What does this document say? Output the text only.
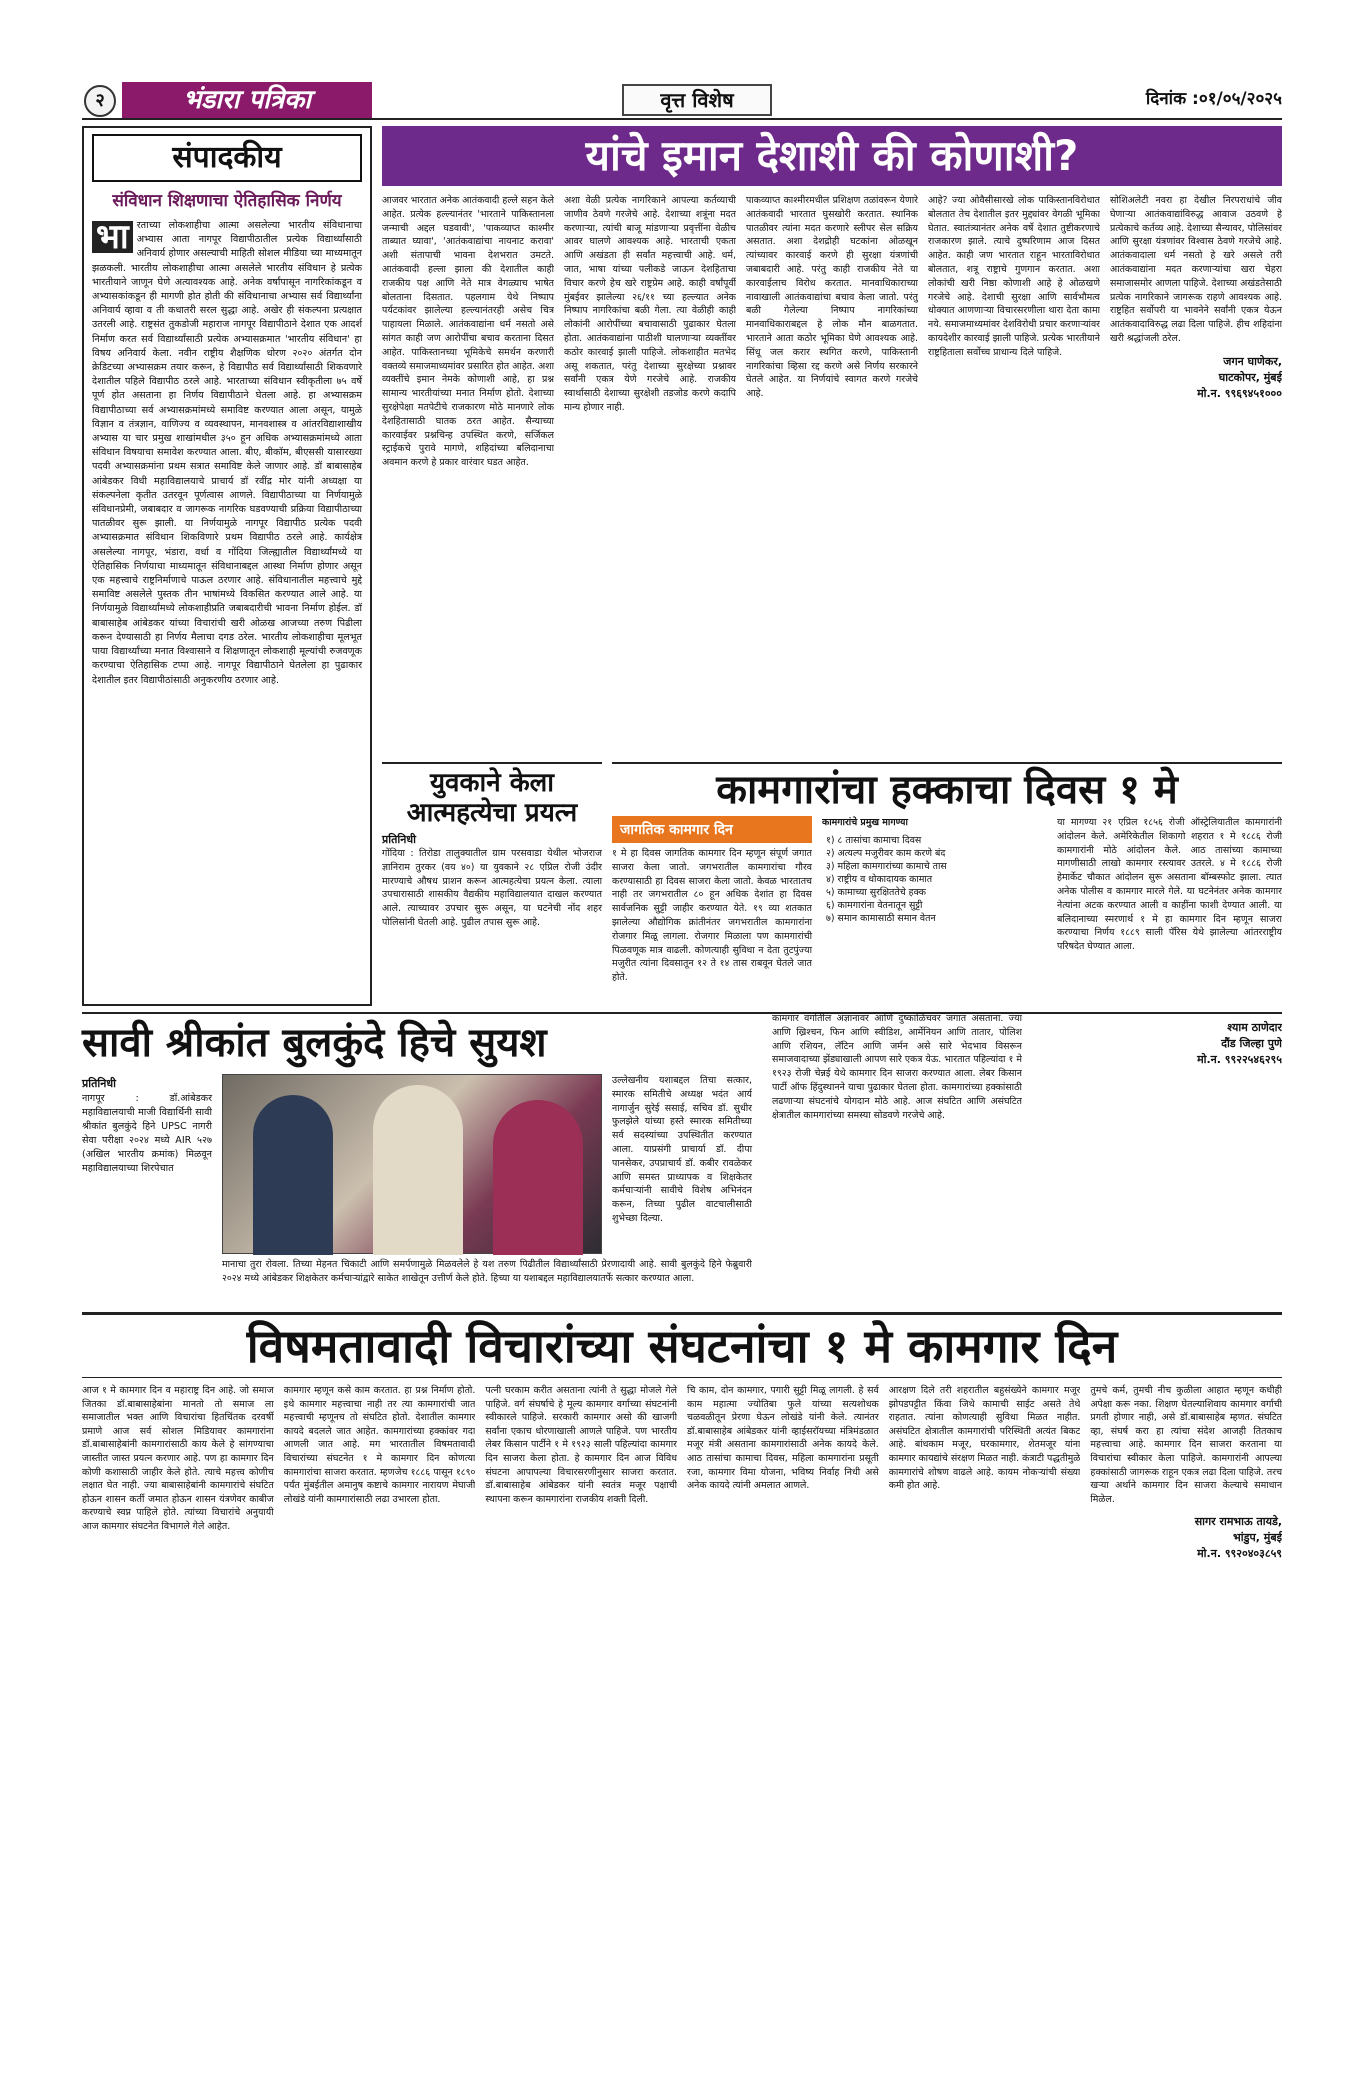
२	भंडारा पत्रिका	वृत्त विशेष	दिनांक :०१/०५/२०२५
संपादकीय
संविधान शिक्षणाचा ऐतिहासिक निर्णय
भा रताच्या लोकशाहीचा आत्मा असलेल्या भारतीय संविधानाचा अभ्यास आता नागपूर विद्यापीठातील प्रत्येक विद्यार्थ्यांसाठी अनिवार्य होणार असल्याची माहिती सोशल मीडिया च्या माध्यमातून झळकली. भारतीय लोकशाहीचा आत्मा असलेले भारतीय संविधान हे प्रत्येक भारतीयाने जाणून घेणे अत्यावश्यक आहे. अनेक वर्षांपासून नागरिकांकडून व अभ्यासकांकडून ही मागणी होत होती की संविधानाचा अभ्यास सर्व विद्यार्थ्यांना अनिवार्य व्हावा व ती कधातरी सरल सुद्धा आहे. अखेर ही संकल्पना प्रत्यक्षात उतरली आहे. राष्ट्रसंत तुकडोजी महाराज नागपूर विद्यापीठाने देशात एक आदर्श निर्माण करत सर्व विद्यार्थ्यांसाठी प्रत्येक अभ्यासक्रमात 'भारतीय संविधान' हा विषय अनिवार्य केला. नवीन राष्ट्रीय शैक्षणिक धोरण २०२० अंतर्गत दोन क्रेडिटच्या अभ्यासक्रम तयार करून, हे विद्यापीठ सर्व विद्यार्थ्यांसाठी शिकवणारे देशातील पहिले विद्यापीठ ठरले आहे. भारताच्या संविधान स्वीकृतीला ७५ वर्षे पूर्ण होत असताना हा निर्णय विद्यापीठाने घेतला आहे. हा अभ्यासक्रम विद्यापीठाच्या सर्व अभ्यासक्रमांमध्ये समाविष्ट करण्यात आला असून, यामुळे विज्ञान व तंत्रज्ञान, वाणिज्य व व्यवस्थापन, मानवशास्त्र व आंतरविद्याशाखीय अभ्यास या चार प्रमुख शाखांमधील ३५० हून अधिक अभ्यासक्रमांमध्ये आता संविधान विषयाचा समावेश करण्यात आला. बीए, बीकॉम, बीएससी यासारख्या पदवी अभ्यासक्रमांना प्रथम सत्रात समाविष्ट केले जाणार आहे. डॉ बाबासाहेब आंबेडकर विधी महाविद्यालयाचे प्राचार्य डॉ रवींद्र मोर यांनी अध्यक्षा या संकल्पनेला कृतीत उतरवून पूर्णत्वास आणले. विद्यापीठाच्या या निर्णयामुळे संविधानप्रेमी, जबाबदार व जागरूक नागरिक घडवण्याची प्रक्रिया विद्यापीठाच्या पातळीवर सुरू झाली. या निर्णयामुळे नागपूर विद्यापीठ प्रत्येक पदवी अभ्यासक्रमात संविधान शिकविणारे प्रथम विद्यापीठ ठरले आहे. कार्यक्षेत्र असलेल्या नागपूर, भंडारा, वर्धा व गोंदिया जिल्ह्यातील विद्यार्थ्यांमध्ये या ऐतिहासिक निर्णयाचा माध्यमातून संविधानाबद्दल आस्था निर्माण होणार असून एक महत्त्वाचे राष्ट्रनिर्माणाचे पाऊल ठरणार आहे. संविधानातील महत्त्वाचे मुद्दे समाविष्ट असलेले पुस्तक तीन भाषांमध्ये विकसित करण्यात आले आहे. या निर्णयामुळे विद्यार्थ्यांमध्ये लोकशाहीप्रति जबाबदारीची भावना निर्माण होईल. डॉ बाबासाहेब आंबेडकर यांच्या विचारांची खरी ओळख आजच्या तरुण पिढीला करून देण्यासाठी हा निर्णय मैलाचा दगड ठरेल. भारतीय लोकशाहीचा मूलभूत पाया विद्यार्थ्यांच्या मनात विश्वासाने व शिक्षणातून लोकशाही मूल्यांची रुजवणूक करण्याचा ऐतिहासिक टप्पा आहे. नागपूर विद्यापीठाने घेतलेला हा पुढाकार देशातील इतर विद्यापीठांसाठी अनुकरणीय ठरणार आहे.
यांचे इमान देशाशी की कोणाशी?
आजवर भारतात अनेक आतंकवादी हल्ले सहन केले आहेत. प्रत्येक हल्ल्यानंतर 'भारताने पाकिस्तानला जन्माची अद्दल घडवावी', 'पाकव्याप्त काश्मीर ताब्यात घ्यावा', 'आतंकवाद्यांचा नायनाट करावा' अशी संतापाची भावना देशभरात उमटते. आतंकवादी हल्ला झाला की देशातील काही राजकीय पक्ष आणि नेते मात्र वेगळ्याच भाषेत बोलताना दिसतात. पहलगाम येथे निष्पाप पर्यटकांवर झालेल्या हल्ल्यानंतरही असेच चित्र पाहायला मिळाले. आतंकवाद्यांना धर्म नसतो असे सांगत काही जण आरोपींचा बचाव करताना दिसत आहेत. पाकिस्तानच्या भूमिकेचे समर्थन करणारी वक्तव्ये समाजमाध्यमांवर प्रसारित होत आहेत. अशा व्यक्तींचे इमान नेमके कोणाशी आहे, हा प्रश्न सामान्य भारतीयांच्या मनात निर्माण होतो. देशाच्या सुरक्षेपेक्षा मतपेटीचे राजकारण मोठे मानणारे लोक देशहितासाठी घातक ठरत आहेत. सैन्याच्या कारवाईवर प्रश्नचिन्ह उपस्थित करणे, सर्जिकल स्ट्राईकचे पुरावे मागणे, शहिदांच्या बलिदानाचा अवमान करणे हे प्रकार वारंवार घडत आहेत.
अशा वेळी प्रत्येक नागरिकाने आपल्या कर्तव्याची जाणीव ठेवणे गरजेचे आहे. देशाच्या शत्रूंना मदत करणाऱ्या, त्यांची बाजू मांडणाऱ्या प्रवृत्तींना वेळीच आवर घालणे आवश्यक आहे. भारताची एकता आणि अखंडता ही सर्वांत महत्त्वाची आहे. धर्म, जात, भाषा यांच्या पलीकडे जाऊन देशहिताचा विचार करणे हेच खरे राष्ट्रप्रेम आहे. काही वर्षांपूर्वी मुंबईवर झालेल्या २६/११ च्या हल्ल्यात अनेक निष्पाप नागरिकांचा बळी गेला. त्या वेळीही काही लोकांनी आरोपींच्या बचावासाठी पुढाकार घेतला होता. आतंकवाद्यांना पाठीशी घालणाऱ्या व्यक्तींवर कठोर कारवाई झाली पाहिजे. लोकशाहीत मतभेद असू शकतात, परंतु देशाच्या सुरक्षेच्या प्रश्नावर सर्वांनी एकत्र येणे गरजेचे आहे. राजकीय स्वार्थासाठी देशाच्या सुरक्षेशी तडजोड करणे कदापि मान्य होणार नाही.
पाकव्याप्त काश्मीरमधील प्रशिक्षण तळांवरून येणारे आतंकवादी भारतात घुसखोरी करतात. स्थानिक पातळीवर त्यांना मदत करणारे स्लीपर सेल सक्रिय असतात. अशा देशद्रोही घटकांना ओळखून त्यांच्यावर कारवाई करणे ही सुरक्षा यंत्रणांची जबाबदारी आहे. परंतु काही राजकीय नेते या कारवाईलाच विरोध करतात. मानवाधिकाराच्या नावाखाली आतंकवाद्यांचा बचाव केला जातो. परंतु बळी गेलेल्या निष्पाप नागरिकांच्या मानवाधिकाराबद्दल हे लोक मौन बाळगतात. भारताने आता कठोर भूमिका घेणे आवश्यक आहे. सिंधू जल करार स्थगित करणे, पाकिस्तानी नागरिकांचा व्हिसा रद्द करणे असे निर्णय सरकारने घेतले आहेत. या निर्णयांचे स्वागत करणे गरजेचे आहे.
आहे? ज्या ओवैसीसारखे लोक पाकिस्तानविरोधात बोलतात तेच देशातील इतर मुद्द्यांवर वेगळी भूमिका घेतात. स्वातंत्र्यानंतर अनेक वर्षे देशात तुष्टीकरणाचे राजकारण झाले. त्याचे दुष्परिणाम आज दिसत आहेत. काही जण भारतात राहून भारताविरोधात बोलतात, शत्रू राष्ट्राचे गुणगान करतात. अशा लोकांची खरी निष्ठा कोणाशी आहे हे ओळखणे गरजेचे आहे. देशाची सुरक्षा आणि सार्वभौमत्व धोक्यात आणणाऱ्या विचारसरणीला थारा देता कामा नये. समाजमाध्यमांवर देशविरोधी प्रचार करणाऱ्यांवर कायदेशीर कारवाई झाली पाहिजे. प्रत्येक भारतीयाने राष्ट्रहिताला सर्वोच्च प्राधान्य दिले पाहिजे.
सोशिअलेटी नवरा हा देखील निरपराधांचे जीव घेणाऱ्या आतंकवाद्यांविरुद्ध आवाज उठवणे हे प्रत्येकाचे कर्तव्य आहे. देशाच्या सैन्यावर, पोलिसांवर आणि सुरक्षा यंत्रणांवर विश्वास ठेवणे गरजेचे आहे. आतंकवादाला धर्म नसतो हे खरे असले तरी आतंकवाद्यांना मदत करणाऱ्यांचा खरा चेहरा समाजासमोर आणला पाहिजे. देशाच्या अखंडतेसाठी प्रत्येक नागरिकाने जागरूक राहणे आवश्यक आहे. राष्ट्रहित सर्वोपरी या भावनेने सर्वांनी एकत्र येऊन आतंकवादाविरुद्ध लढा दिला पाहिजे. हीच शहिदांना खरी श्रद्धांजली ठरेल.
जगन घाणेकर,
घाटकोपर, मुंबई
मो.न. ९९६९४५१०००
युवकाने केला आत्महत्येचा प्रयत्न
प्रतिनिधी
गोंदिया : तिरोडा तालुक्यातील ग्राम परसवाडा येथील भोजराज ज्ञानिराम तुरकर (वय ४०) या युवकाने २८ एप्रिल रोजी उंदीर मारण्याचे औषध प्राशन करून आत्महत्येचा प्रयत्न केला. त्याला उपचारासाठी शासकीय वैद्यकीय महाविद्यालयात दाखल करण्यात आले. त्याच्यावर उपचार सुरू असून, या घटनेची नोंद शहर पोलिसांनी घेतली आहे. पुढील तपास सुरू आहे.
कामगारांचा हक्काचा दिवस १ मे
जागतिक कामगार दिन
१ मे हा दिवस जागतिक कामगार दिन म्हणून संपूर्ण जगात साजरा केला जातो. जगभरातील कामगारांचा गौरव करण्यासाठी हा दिवस साजरा केला जातो. केवळ भारतातच नाही तर जगभरातील ८० हून अधिक देशांत हा दिवस सार्वजनिक सुट्टी जाहीर करण्यात येते. १९ व्या शतकात झालेल्या औद्योगिक क्रांतीनंतर जगभरातील कामगारांना रोजगार मिळू लागला. रोजगार मिळाला पण कामगारांची पिळवणूक मात्र वाढली. कोणत्याही सुविधा न देता तुटपुंज्या मजुरीत त्यांना दिवसातून १२ ते १४ तास राबवून घेतले जात होते.
कामगारांचे प्रमुख मागण्या
१) ८ तासांचा कामाचा दिवस
२) अत्यल्प मजुरीवर काम करणे बंद
३) महिला कामगारांच्या कामाचे तास
४) राष्ट्रीय व धोकादायक कामात
५) कामाच्या सुरक्षिततेचे हक्क
६) कामगारांना वेतनातून सुट्टी
७) समान कामासाठी समान वेतन
या मागण्या २१ एप्रिल १८५६ रोजी ऑस्ट्रेलियातील कामगारांनी आंदोलन केले. अमेरिकेतील शिकागो शहरात १ मे १८८६ रोजी कामगारांनी मोठे आंदोलन केले. आठ तासांच्या कामाच्या मागणीसाठी लाखो कामगार रस्त्यावर उतरले. ४ मे १८८६ रोजी हेमार्केट चौकात आंदोलन सुरू असताना बॉम्बस्फोट झाला. त्यात अनेक पोलीस व कामगार मारले गेले. या घटनेनंतर अनेक कामगार नेत्यांना अटक करण्यात आली व काहींना फाशी देण्यात आली. या बलिदानाच्या स्मरणार्थ १ मे हा कामगार दिन म्हणून साजरा करण्याचा निर्णय १८८९ साली पॅरिस येथे झालेल्या आंतरराष्ट्रीय परिषदेत घेण्यात आला.
सावी श्रीकांत बुलकुंदे हिचे सुयश
प्रतिनिधी
नागपूर : डॉ.आंबेडकर महाविद्यालयाची माजी विद्यार्थिनी सावी श्रीकांत बुलकुंदे हिने UPSC नागरी सेवा परीक्षा २०२४ मध्ये AIR ५२७ (अखिल भारतीय क्रमांक) मिळवून महाविद्यालयाच्या शिरपेचात
मानाचा तुरा रोवला. तिच्या मेहनत चिकाटी आणि समर्पणामुळे मिळवलेले हे यश तरुण पिढीतील विद्यार्थ्यांसाठी प्रेरणादायी आहे. सावी बुलकुंदे हिने फेब्रुवारी २०२४ मध्ये आंबेडकर शिक्षकेतर कर्मचाऱ्यांद्वारे साकेत शाखेतून उत्तीर्ण केले होते. हिच्या या यशाबद्दल महाविद्यालयातर्फे सत्कार करण्यात आला.
उल्लेखनीय यशाबद्दल तिचा सत्कार, स्मारक समितीचे अध्यक्ष भदंत आर्य नागार्जुन सुरेई ससाई, सचिव डॉ. सुधीर फुलझेले यांच्या हस्ते स्मारक समितीच्या सर्व सदस्यांच्या उपस्थितीत करण्यात आला. याप्रसंगी प्राचार्या डॉ. दीपा पानसेकर, उपप्राचार्य डॉ. कबीर रावळेकर आणि समस्त प्राध्यापक व शिक्षकेतर कर्मचाऱ्यांनी सावीचे विशेष अभिनंदन करून, तिच्या पुढील वाटचालीसाठी शुभेच्छा दिल्या.
कामगार वर्गातील अज्ञानावर आणि दुष्काळिचवर जगात असताना. ज्या आणि ख्रिश्चन, फिन आणि स्वीडिश, आर्मेनियन आणि तातार, पोलिश आणि रशियन, लॅटिन आणि जर्मन असे सारे भेदभाव विसरून समाजवादाच्या झेंड्याखाली आपण सारे एकत्र येऊ. भारतात पहिल्यांदा १ मे १९२३ रोजी चेन्नई येथे कामगार दिन साजरा करण्यात आला. लेबर किसान पार्टी ऑफ हिंदुस्थानने याचा पुढाकार घेतला होता. कामगारांच्या हक्कांसाठी लढणाऱ्या संघटनांचे योगदान मोठे आहे. आज संघटित आणि असंघटित क्षेत्रातील कामगारांच्या समस्या सोडवणे गरजेचे आहे.
श्याम ठाणेदार
दौंड जिल्हा पुणे
मो.न. ९९२२५४६२९५
विषमतावादी विचारांच्या संघटनांचा १ मे कामगार दिन
आज १ मे कामगार दिन व महाराष्ट्र दिन आहे. जो समाज जितका डॉ.बाबासाहेबांना मानतो तो समाज ला समाजातील भक्त आणि विचारांचा हितचिंतक दरवर्षी प्रमाणे आज सर्व सोशल मिडियावर कामगारांना डॉ.बाबासाहेबांनी कामगारांसाठी काय केले हे सांगण्याचा जास्तीत जास्त प्रयत्न करणार आहे. पण हा कामगार दिन कोणी कशासाठी जाहीर केले होते. त्याचे महत्त्व कोणीच लक्षात घेत नाही. ज्या बाबासाहेबांनी कामगारांचे संघटित होऊन शासन कर्ती जमात होऊन शासन यंत्रणेवर काबीज करण्याचे स्वप्न पाहिले होते. त्यांच्या विचारांचे अनुयायी आज कामगार संघटनेत विभागले गेले आहेत.
कामगार म्हणून कसे काम करतात. हा प्रश्न निर्माण होतो. इथे कामगार महत्त्वाचा नाही तर त्या कामगारांची जात महत्त्वाची म्हणूनच तो संघटित होतो. देशातील कामगार कायदे बदलले जात आहेत. कामगारांच्या हक्कांवर गदा आणली जात आहे. मग भारतातील विषमतावादी विचारांच्या संघटनेत १ मे कामगार दिन कोणत्या कामगारांचा साजरा करतात. म्हणजेच १८८६ पासून १८९० पर्यंत मुंबईतील अमानुष कष्टाचे कामगार नारायण मेघाजी लोखंडे यांनी कामगारांसाठी लढा उभारला होता.
पत्नी घरकाम करीत असताना त्यांनी ते सुद्धा मोजले गेले पाहिजे. वर्ग संघर्षाचे हे मूल्य कामगार वर्गाच्या संघटनांनी स्वीकारले पाहिजे. सरकारी कामगार असो की खाजगी सर्वांना एकाच धोरणाखाली आणले पाहिजे. पण भारतीय लेबर किसान पार्टीने १ मे १९२३ साली पहिल्यांदा कामगार दिन साजरा केला होता. हे कामगार दिन आज विविध संघटना आपापल्या विचारसरणीनुसार साजरा करतात. डॉ.बाबासाहेब आंबेडकर यांनी स्वतंत्र मजूर पक्षाची स्थापना करून कामगारांना राजकीय शक्ती दिली.
चि काम, दोन कामगार, पगारी सुट्टी मिळू लागली. हे सर्व काम महात्मा ज्योतिबा फुले यांच्या सत्यशोधक चळवळीतून प्रेरणा घेऊन लोखंडे यांनी केले. त्यानंतर डॉ.बाबासाहेब आंबेडकर यांनी व्हाईसरॉयच्या मंत्रिमंडळात मजूर मंत्री असताना कामगारांसाठी अनेक कायदे केले. आठ तासांचा कामाचा दिवस, महिला कामगारांना प्रसूती रजा, कामगार विमा योजना, भविष्य निर्वाह निधी असे अनेक कायदे त्यांनी अमलात आणले.
आरक्षण दिले तरी शहरातील बहुसंख्येने कामगार मजूर झोपडपट्टीत किंवा जिथे कामाची साईट असते तेथे राहतात. त्यांना कोणत्याही सुविधा मिळत नाहीत. असंघटित क्षेत्रातील कामगारांची परिस्थिती अत्यंत बिकट आहे. बांधकाम मजूर, घरकामगार, शेतमजूर यांना कामगार कायद्यांचे संरक्षण मिळत नाही. कंत्राटी पद्धतीमुळे कामगारांचे शोषण वाढले आहे. कायम नोकऱ्यांची संख्या कमी होत आहे.
तुमचे कर्म, तुमची नीच कुळीला आहात म्हणून कधीही अपेक्षा करू नका. शिक्षण घेतल्याशिवाय कामगार वर्गाची प्रगती होणार नाही, असे डॉ.बाबासाहेब म्हणत. संघटित व्हा, संघर्ष करा हा त्यांचा संदेश आजही तितकाच महत्त्वाचा आहे. कामगार दिन साजरा करताना या विचारांचा स्वीकार केला पाहिजे. कामगारांनी आपल्या हक्कांसाठी जागरूक राहून एकत्र लढा दिला पाहिजे. तरच खऱ्या अर्थाने कामगार दिन साजरा केल्याचे समाधान मिळेल.
सागर रामभाऊ तायडे,
भांडुप, मुंबई
मो.न. ९९२०४०३८५९
